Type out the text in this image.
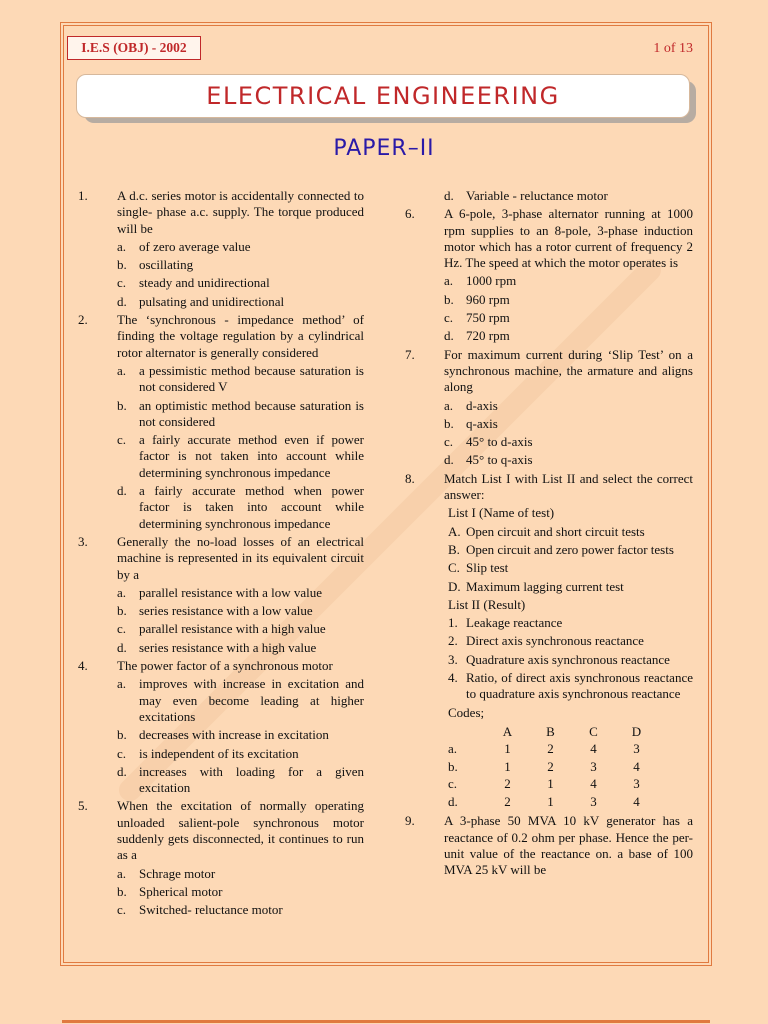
I.E.S (OBJ) - 2002	1 of 13
ELECTRICAL ENGINEERING
PAPER–II
1.	A d.c. series motor is accidentally connected to single- phase a.c. supply. The torque produced will be
a. of zero average value
b. oscillating
c. steady and unidirectional
d. pulsating and unidirectional
2.	The ‘synchronous - impedance method’ of finding the voltage regulation by a cylindrical rotor alternator is generally considered
a. a pessimistic method because saturation is not considered V
b. an optimistic method because saturation is not considered
c. a fairly accurate method even if power factor is not taken into account while determining synchronous impedance
d. a fairly accurate method when power factor is taken into account while determining synchronous impedance
3.	Generally the no-load losses of an electrical machine is represented in its equivalent circuit by a
a. parallel resistance with a low value
b. series resistance with a low value
c. parallel resistance with a high value
d. series resistance with a high value
4.	The power factor of a synchronous motor
a. improves with increase in excitation and may even become leading at higher excitations
b. decreases with increase in excitation
c. is independent of its excitation
d. increases with loading for a given excitation
5.	When the excitation of normally operating unloaded salient-pole synchronous motor suddenly gets disconnected, it continues to run as a
a. Schrage motor
b. Spherical motor
c. Switched- reluctance motor
d. Variable - reluctance motor
6.	A 6-pole, 3-phase alternator running at 1000 rpm supplies to an 8-pole, 3-phase induction motor which has a rotor current of frequency 2 Hz. The speed at which the motor operates is
a. 1000 rpm
b. 960 rpm
c. 750 rpm
d. 720 rpm
7.	For maximum current during ‘Slip Test’ on a synchronous machine, the armature and aligns along
a. d-axis
b. q-axis
c. 45° to d-axis
d. 45° to q-axis
8.	Match List I with List II and select the correct answer:
List I (Name of test)
A. Open circuit and short circuit tests
B. Open circuit and zero power factor tests
C. Slip test
D. Maximum lagging current test
List II (Result)
1. Leakage reactance
2. Direct axis synchronous reactance
3. Quadrature axis synchronous reactance
4. Ratio, of direct axis synchronous reactance to quadrature axis synchronous reactance
Codes;
	A	B	C	D
a.	1	2	4	3
b.	1	2	3	4
c.	2	1	4	3
d.	2	1	3	4
9.	A 3-phase 50 MVA 10 kV generator has a reactance of 0.2 ohm per phase. Hence the per-unit value of the reactance on. a base of 100 MVA 25 kV will be
